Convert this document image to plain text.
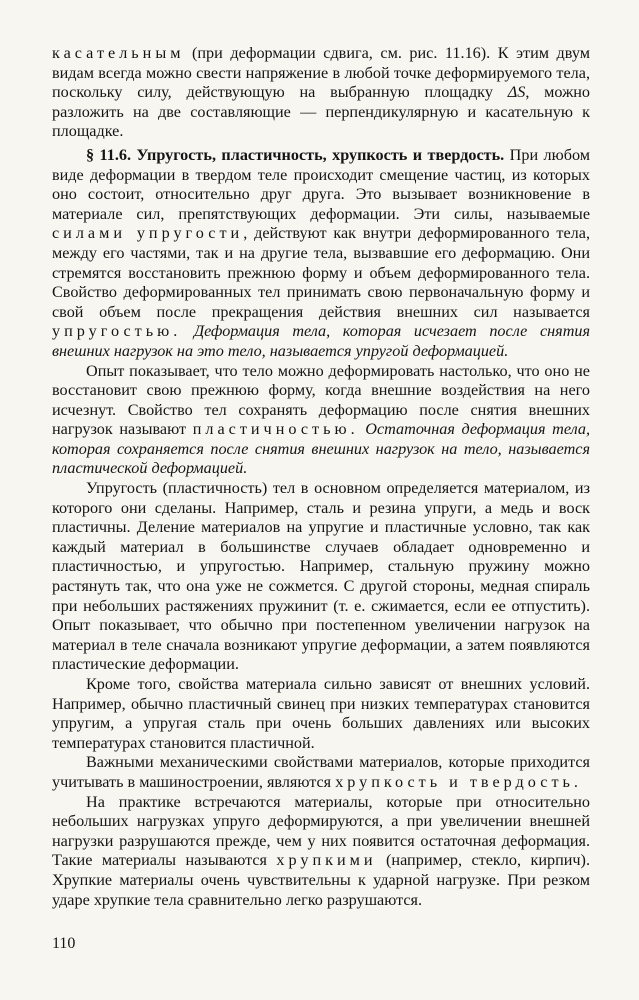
касательным (при деформации сдвига, см. рис. 11.16). К этим двум видам всегда можно свести напряжение в любой точке деформируемого тела, поскольку силу, действующую на выбранную площадку ΔS, можно разложить на две составляющие — перпендикулярную и касательную к площадке.

§ 11.6. Упругость, пластичность, хрупкость и твердость. При любом виде деформации в твердом теле происходит смещение частиц, из которых оно состоит, относительно друг друга. Это вызывает возникновение в материале сил, препятствующих деформации. Эти силы, называемые силами упругости, действуют как внутри деформированного тела, между его частями, так и на другие тела, вызвавшие его деформацию. Они стремятся восстановить прежнюю форму и объем деформированного тела. Свойство деформированных тел принимать свою первоначальную форму и свой объем после прекращения действия внешних сил называется упругостью. Деформация тела, которая исчезает после снятия внешних нагрузок на это тело, называется упругой деформацией.

Опыт показывает, что тело можно деформировать настолько, что оно не восстановит свою прежнюю форму, когда внешние воздействия на него исчезнут. Свойство тел сохранять деформацию после снятия внешних нагрузок называют пластичностью. Остаточная деформация тела, которая сохраняется после снятия внешних нагрузок на тело, называется пластической деформацией.

Упругость (пластичность) тел в основном определяется материалом, из которого они сделаны. Например, сталь и резина упруги, а медь и воск пластичны. Деление материалов на упругие и пластичные условно, так как каждый материал в большинстве случаев обладает одновременно и пластичностью, и упругостью. Например, стальную пружину можно растянуть так, что она уже не сожмется. С другой стороны, медная спираль при небольших растяжениях пружинит (т. е. сжимается, если ее отпустить). Опыт показывает, что обычно при постепенном увеличении нагрузок на материал в теле сначала возникают упругие деформации, а затем появляются пластические деформации.

Кроме того, свойства материала сильно зависят от внешних условий. Например, обычно пластичный свинец при низких температурах становится упругим, а упругая сталь при очень больших давлениях или высоких температурах становится пластичной.

Важными механическими свойствами материалов, которые приходится учитывать в машиностроении, являются хрупкость и твердость.

На практике встречаются материалы, которые при относительно небольших нагрузках упруго деформируются, а при увеличении внешней нагрузки разрушаются прежде, чем у них появится остаточная деформация. Такие материалы называются хрупкими (например, стекло, кирпич). Хрупкие материалы очень чувствительны к ударной нагрузке. При резком ударе хрупкие тела сравнительно легко разрушаются.

110
